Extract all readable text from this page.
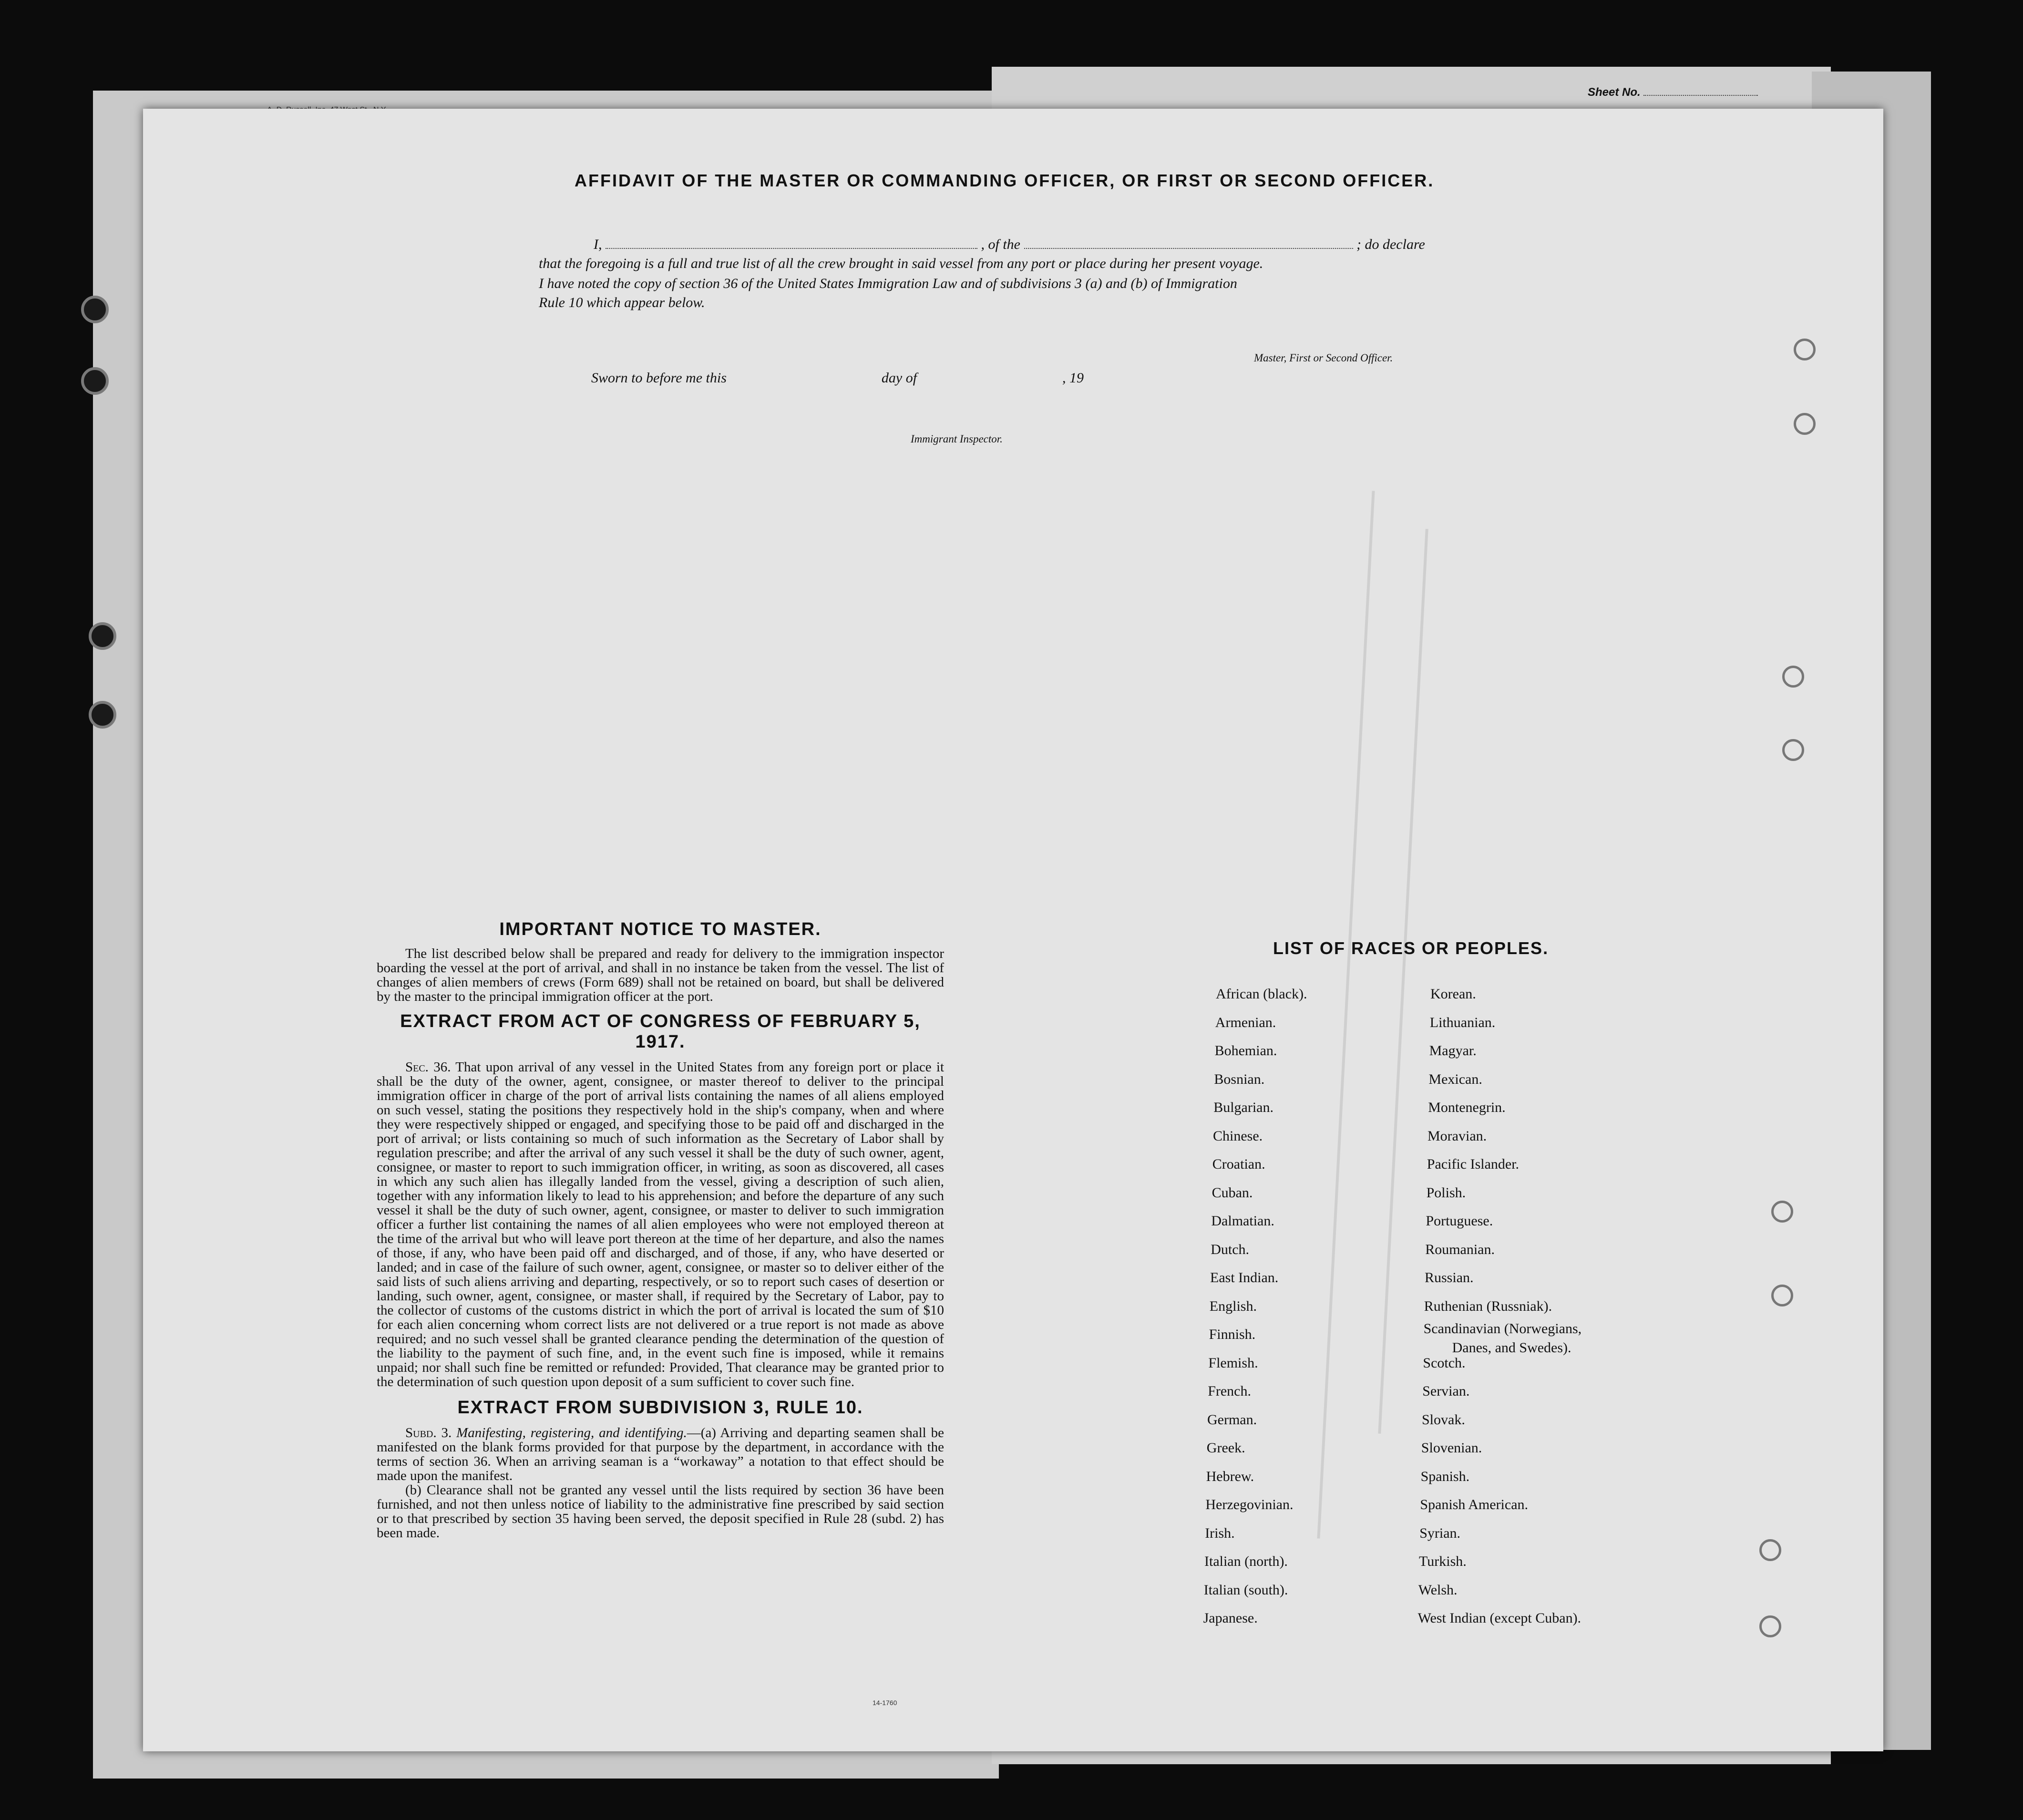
Sheet No.
AFFIDAVIT OF THE MASTER OR COMMANDING OFFICER, OR FIRST OR SECOND OFFICER.
I,	, of the	; do declare
that the foregoing is a full and true list of all the crew brought in said vessel from any port or place during her present voyage.
I have noted the copy of section 36 of the United States Immigration Law and of subdivisions 3 (a) and (b) of Immigration
Rule 10 which appear below.
Master, First or Second Officer.
Sworn to before me this	day of	, 19
Immigrant Inspector.
IMPORTANT NOTICE TO MASTER.
The list described below shall be prepared and ready for delivery to the immigration inspector boarding the vessel at the port of arrival, and shall in no instance be taken from the vessel. The list of changes of alien members of crews (Form 689) shall not be retained on board, but shall be delivered by the master to the principal immigration officer at the port.
EXTRACT FROM ACT OF CONGRESS OF FEBRUARY 5, 1917.
Sec. 36. That upon arrival of any vessel in the United States from any foreign port or place it shall be the duty of the owner, agent, consignee, or master thereof to deliver to the principal immigration officer in charge of the port of arrival lists containing the names of all aliens employed on such vessel, stating the positions they respectively hold in the ship's company, when and where they were respectively shipped or engaged, and specifying those to be paid off and discharged in the port of arrival; or lists containing so much of such information as the Secretary of Labor shall by regulation prescribe; and after the arrival of any such vessel it shall be the duty of such owner, agent, consignee, or master to report to such immigration officer, in writing, as soon as discovered, all cases in which any such alien has illegally landed from the vessel, giving a description of such alien, together with any information likely to lead to his apprehension; and before the departure of any such vessel it shall be the duty of such owner, agent, consignee, or master to deliver to such immigration officer a further list containing the names of all alien employees who were not employed thereon at the time of the arrival but who will leave port thereon at the time of her departure, and also the names of those, if any, who have been paid off and discharged, and of those, if any, who have deserted or landed; and in case of the failure of such owner, agent, consignee, or master so to deliver either of the said lists of such aliens arriving and departing, respectively, or so to report such cases of desertion or landing, such owner, agent, consignee, or master shall, if required by the Secretary of Labor, pay to the collector of customs of the customs district in which the port of arrival is located the sum of $10 for each alien concerning whom correct lists are not delivered or a true report is not made as above required; and no such vessel shall be granted clearance pending the determination of the question of the liability to the payment of such fine, and, in the event such fine is imposed, while it remains unpaid; nor shall such fine be remitted or refunded: Provided, That clearance may be granted prior to the determination of such question upon deposit of a sum sufficient to cover such fine.
EXTRACT FROM SUBDIVISION 3, RULE 10.
Subd. 3. Manifesting, registering, and identifying.—(a) Arriving and departing seamen shall be manifested on the blank forms provided for that purpose by the department, in accordance with the terms of section 36. When an arriving seaman is a “workaway” a notation to that effect should be made upon the manifest.
(b) Clearance shall not be granted any vessel until the lists required by section 36 have been furnished, and not then unless notice of liability to the administrative fine prescribed by said section or to that prescribed by section 35 having been served, the deposit specified in Rule 28 (subd. 2) has been made.
LIST OF RACES OR PEOPLES.
14-1760
African (black).
Armenian.
Bohemian.
Bosnian.
Bulgarian.
Chinese.
Croatian.
Cuban.
Dalmatian.
Dutch.
East Indian.
English.
Finnish.
Flemish.
French.
German.
Greek.
Hebrew.
Herzegovinian.
Irish.
Italian (north).
Italian (south).
Japanese.
Korean.
Lithuanian.
Magyar.
Mexican.
Montenegrin.
Moravian.
Pacific Islander.
Polish.
Portuguese.
Roumanian.
Russian.
Ruthenian (Russniak).
Scandinavian (Norwegians,
Danes, and Swedes).
Scotch.
Servian.
Slovak.
Slovenian.
Spanish.
Spanish American.
Syrian.
Turkish.
Welsh.
West Indian (except Cuban).
